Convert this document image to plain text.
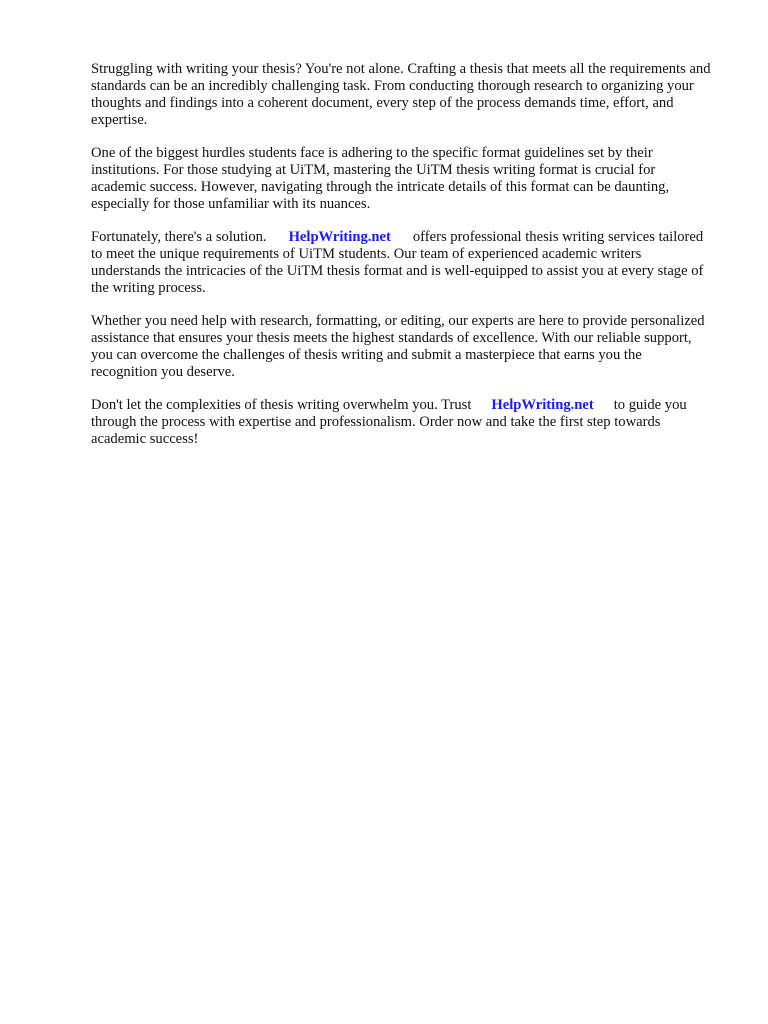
Struggling with writing your thesis? You're not alone. Crafting a thesis that meets all the requirements and standards can be an incredibly challenging task. From conducting thorough research to organizing your thoughts and findings into a coherent document, every step of the process demands time, effort, and expertise.

One of the biggest hurdles students face is adhering to the specific format guidelines set by their institutions. For those studying at UiTM, mastering the UiTM thesis writing format is crucial for academic success. However, navigating through the intricate details of this format can be daunting, especially for those unfamiliar with its nuances.

Fortunately, there's a solution. HelpWriting.net offers professional thesis writing services tailored to meet the unique requirements of UiTM students. Our team of experienced academic writers understands the intricacies of the UiTM thesis format and is well-equipped to assist you at every stage of the writing process.

Whether you need help with research, formatting, or editing, our experts are here to provide personalized assistance that ensures your thesis meets the highest standards of excellence. With our reliable support, you can overcome the challenges of thesis writing and submit a masterpiece that earns you the recognition you deserve.

Don't let the complexities of thesis writing overwhelm you. Trust HelpWriting.net to guide you through the process with expertise and professionalism. Order now and take the first step towards academic success!
